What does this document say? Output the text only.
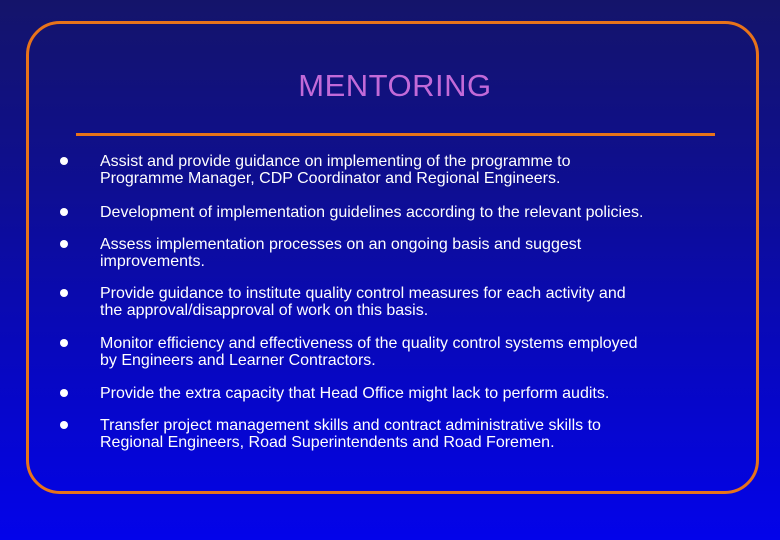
MENTORING
Assist and provide guidance on implementing of the programme to
Programme Manager, CDP Coordinator and Regional Engineers.
Development of implementation guidelines according to the relevant policies.
Assess implementation processes on an ongoing basis and suggest
improvements.
Provide guidance to institute quality control measures for each activity and
the approval/disapproval of work on this basis.
Monitor efficiency and effectiveness of the quality control systems employed
by Engineers and Learner Contractors.
Provide the extra capacity that Head Office might lack to perform audits.
Transfer project management skills and contract administrative skills to
Regional Engineers, Road Superintendents and Road Foremen.
